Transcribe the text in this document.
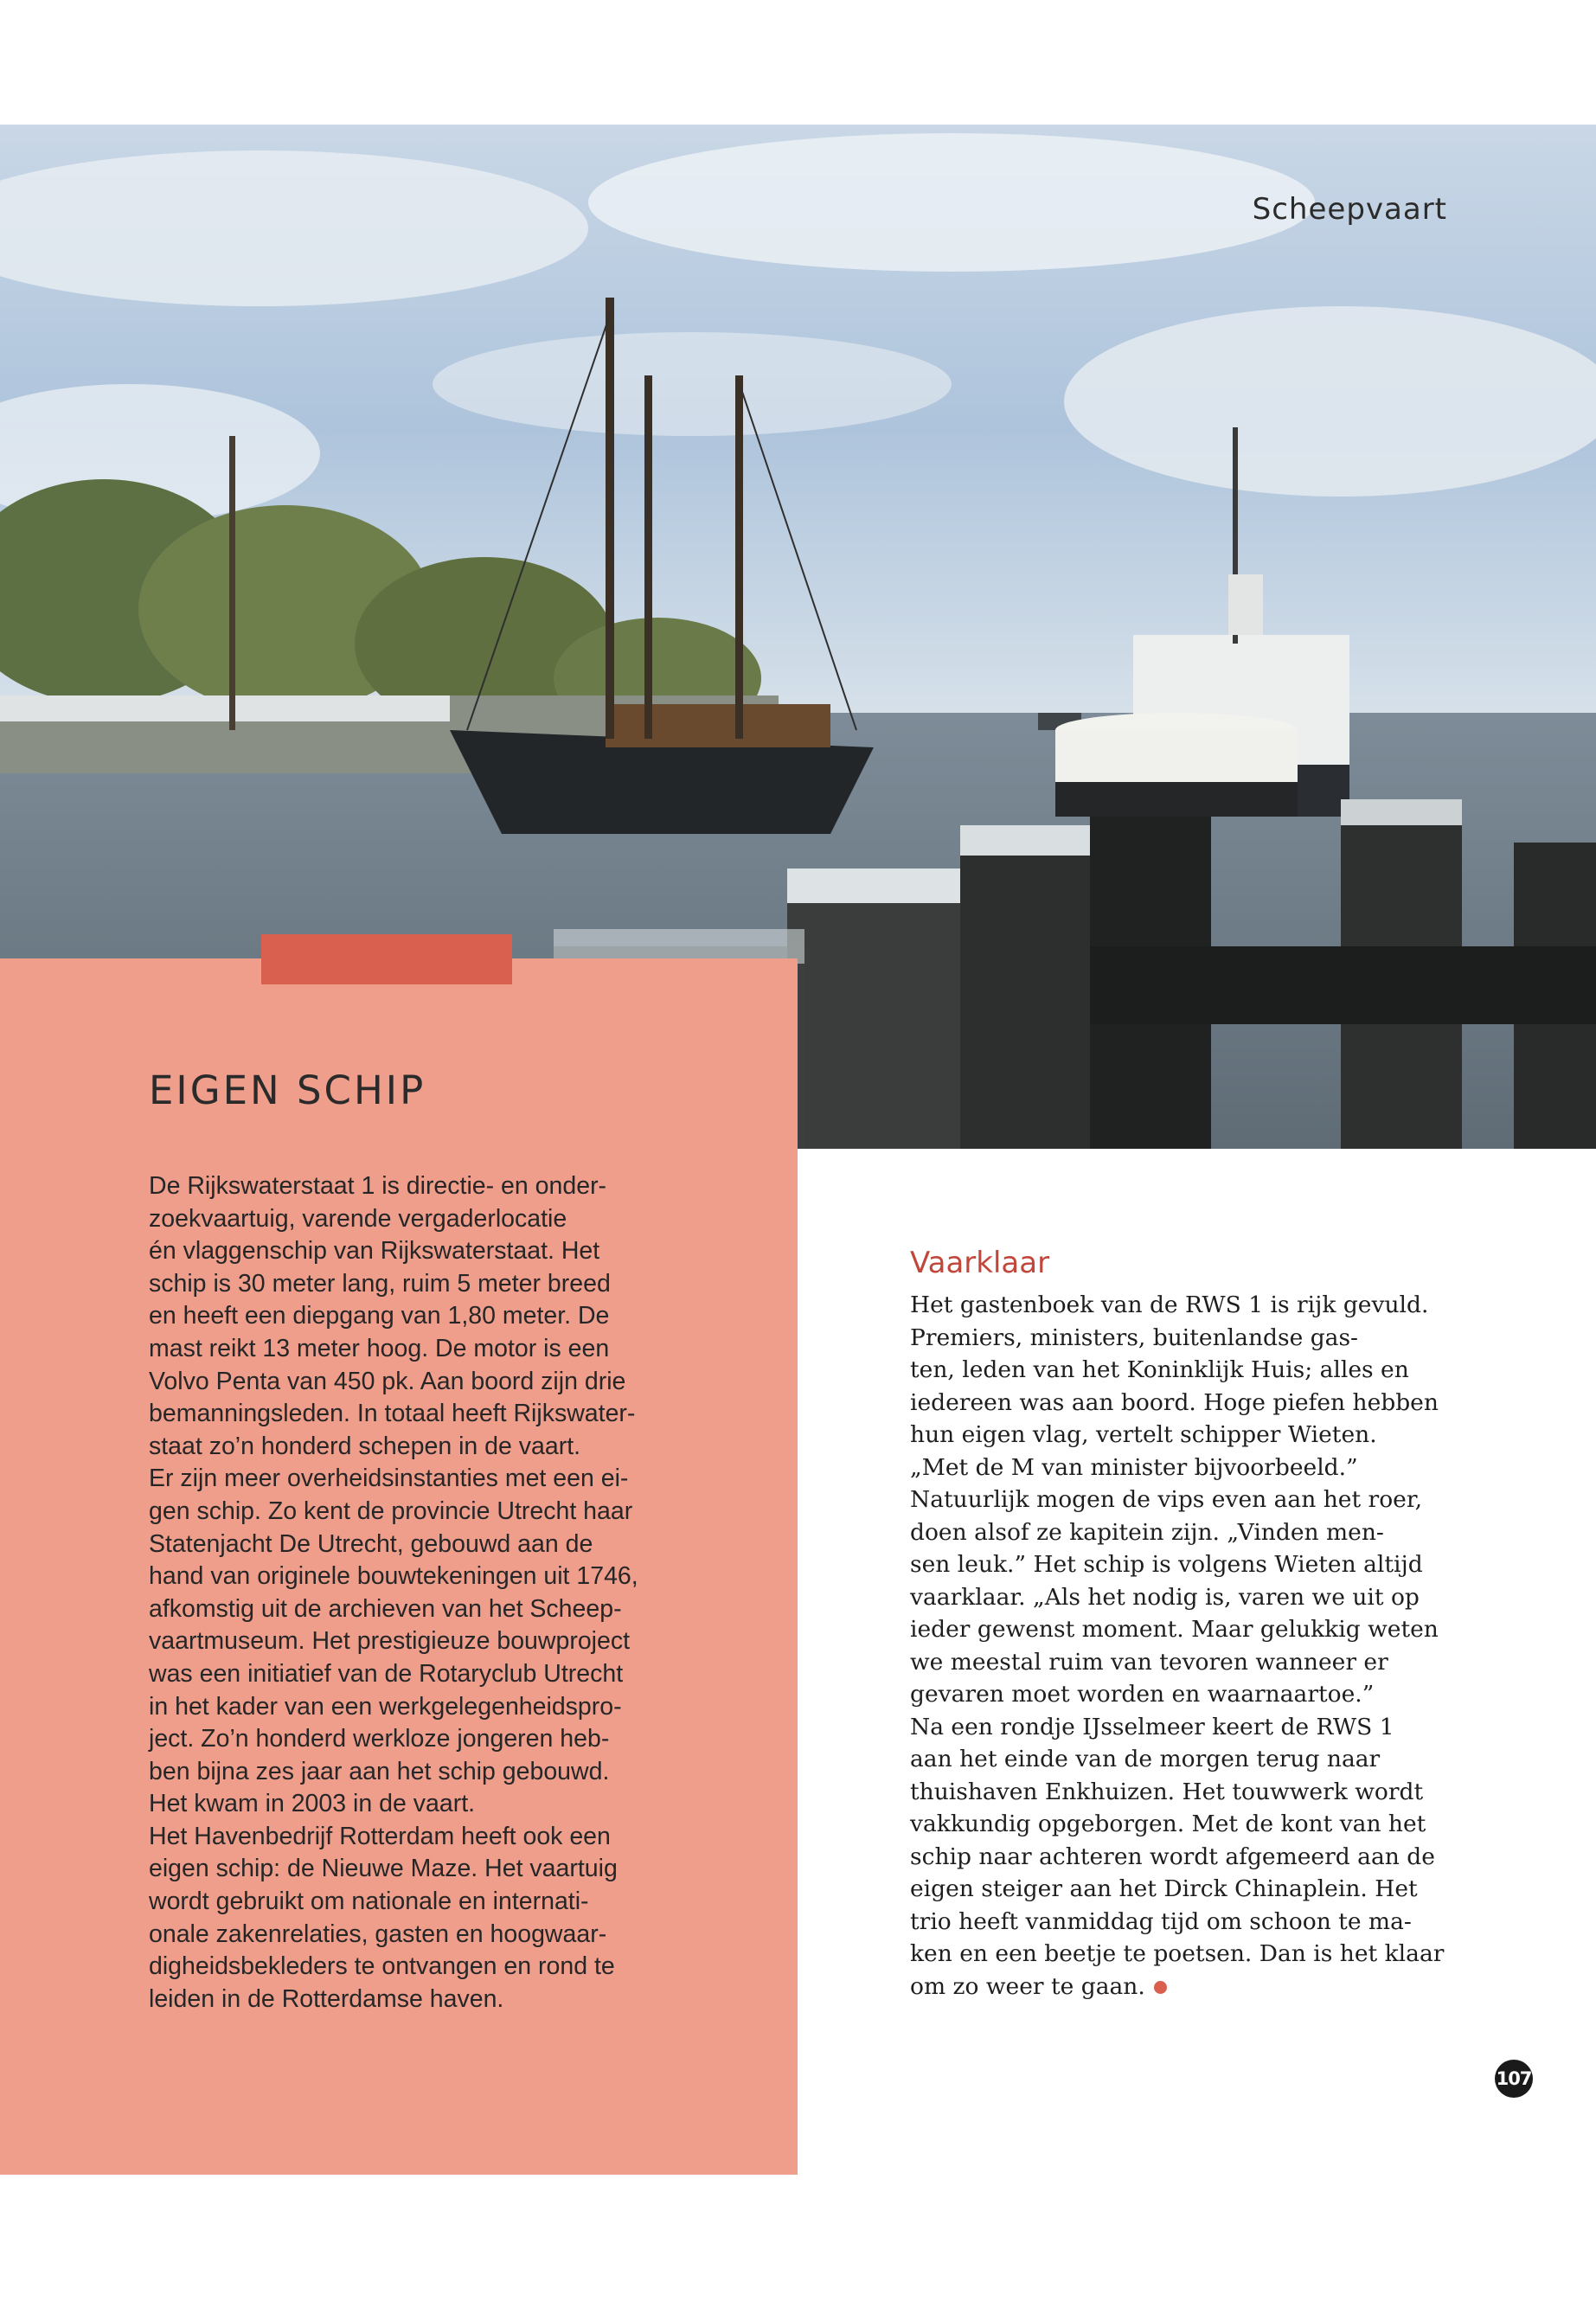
Scheepvaart
EIGEN SCHIP

De Rijkswaterstaat 1 is directie- en onder-
zoekvaartuig, varende vergaderlocatie
én vlaggenschip van Rijkswaterstaat. Het
schip is 30 meter lang, ruim 5 meter breed
en heeft een diepgang van 1,80 meter. De
mast reikt 13 meter hoog. De motor is een
Volvo Penta van 450 pk. Aan boord zijn drie
bemanningsleden. In totaal heeft Rijkswater-
staat zo’n honderd schepen in de vaart.
Er zijn meer overheidsinstanties met een ei-
gen schip. Zo kent de provincie Utrecht haar
Statenjacht De Utrecht, gebouwd aan de
hand van originele bouwtekeningen uit 1746,
afkomstig uit de archieven van het Scheep-
vaartmuseum. Het prestigieuze bouwproject
was een initiatief van de Rotaryclub Utrecht
in het kader van een werkgelegenheidspro-
ject. Zo’n honderd werkloze jongeren heb-
ben bijna zes jaar aan het schip gebouwd.
Het kwam in 2003 in de vaart.
Het Havenbedrijf Rotterdam heeft ook een
eigen schip: de Nieuwe Maze. Het vaartuig
wordt gebruikt om nationale en internati-
onale zakenrelaties, gasten en hoogwaar-
digheidsbekleders te ontvangen en rond te
leiden in de Rotterdamse haven.

Vaarklaar

Het gastenboek van de RWS 1 is rijk gevuld.
Premiers, ministers, buitenlandse gas-
ten, leden van het Koninklijk Huis; alles en
iedereen was aan boord. Hoge piefen hebben
hun eigen vlag, vertelt schipper Wieten.
„Met de M van minister bijvoorbeeld.”
Natuurlijk mogen de vips even aan het roer,
doen alsof ze kapitein zijn. „Vinden men-
sen leuk.” Het schip is volgens Wieten altijd
vaarklaar. „Als het nodig is, varen we uit op
ieder gewenst moment. Maar gelukkig weten
we meestal ruim van tevoren wanneer er
gevaren moet worden en waarnaartoe.”
Na een rondje IJsselmeer keert de RWS 1
aan het einde van de morgen terug naar
thuishaven Enkhuizen. Het touwwerk wordt
vakkundig opgeborgen. Met de kont van het
schip naar achteren wordt afgemeerd aan de
eigen steiger aan het Dirck Chinaplein. Het
trio heeft vanmiddag tijd om schoon te ma-
ken en een beetje te poetsen. Dan is het klaar
om zo weer te gaan.

107
